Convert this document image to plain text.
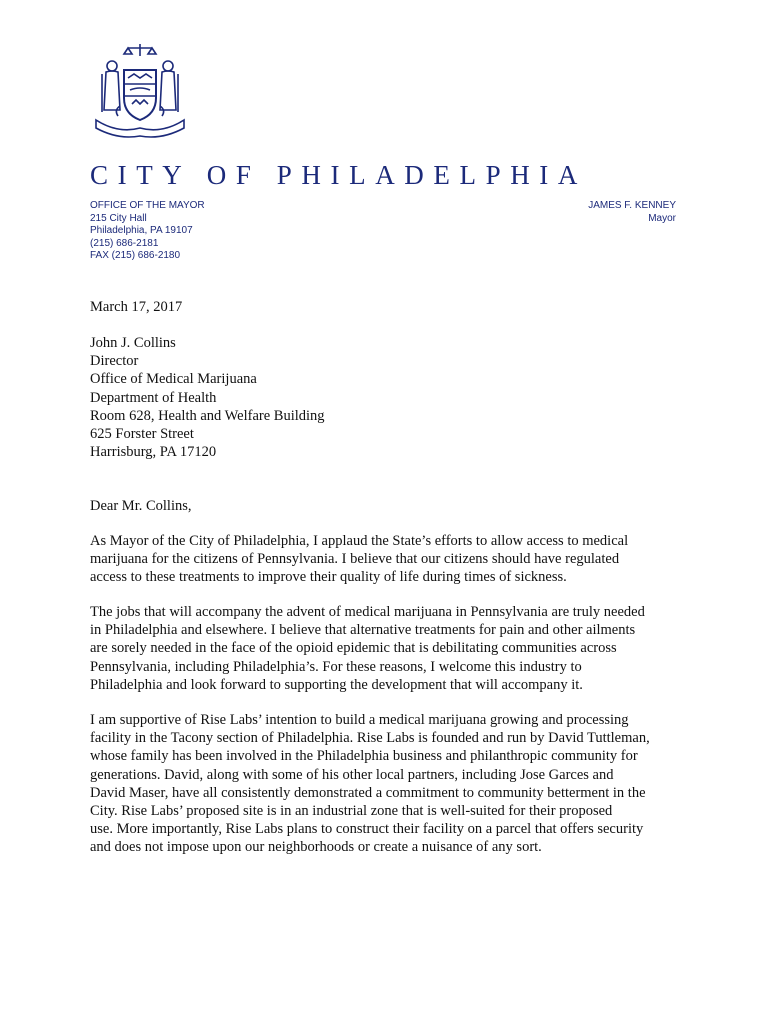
CITY OF PHILADELPHIA
OFFICE OF THE MAYOR
215 City Hall
Philadelphia, PA 19107
(215) 686-2181
FAX (215) 686-2180
JAMES F. KENNEY
Mayor
March 17, 2017
John J. Collins
Director
Office of Medical Marijuana
Department of Health
Room 628, Health and Welfare Building
625 Forster Street
Harrisburg, PA 17120
Dear Mr. Collins,
As Mayor of the City of Philadelphia, I applaud the State’s efforts to allow access to medical
marijuana for the citizens of Pennsylvania. I believe that our citizens should have regulated
access to these treatments to improve their quality of life during times of sickness.
The jobs that will accompany the advent of medical marijuana in Pennsylvania are truly needed
in Philadelphia and elsewhere. I believe that alternative treatments for pain and other ailments
are sorely needed in the face of the opioid epidemic that is debilitating communities across
Pennsylvania, including Philadelphia’s. For these reasons, I welcome this industry to
Philadelphia and look forward to supporting the development that will accompany it.
I am supportive of Rise Labs’ intention to build a medical marijuana growing and processing
facility in the Tacony section of Philadelphia. Rise Labs is founded and run by David Tuttleman,
whose family has been involved in the Philadelphia business and philanthropic community for
generations. David, along with some of his other local partners, including Jose Garces and
David Maser, have all consistently demonstrated a commitment to community betterment in the
City. Rise Labs’ proposed site is in an industrial zone that is well-suited for their proposed
use. More importantly, Rise Labs plans to construct their facility on a parcel that offers security
and does not impose upon our neighborhoods or create a nuisance of any sort.
